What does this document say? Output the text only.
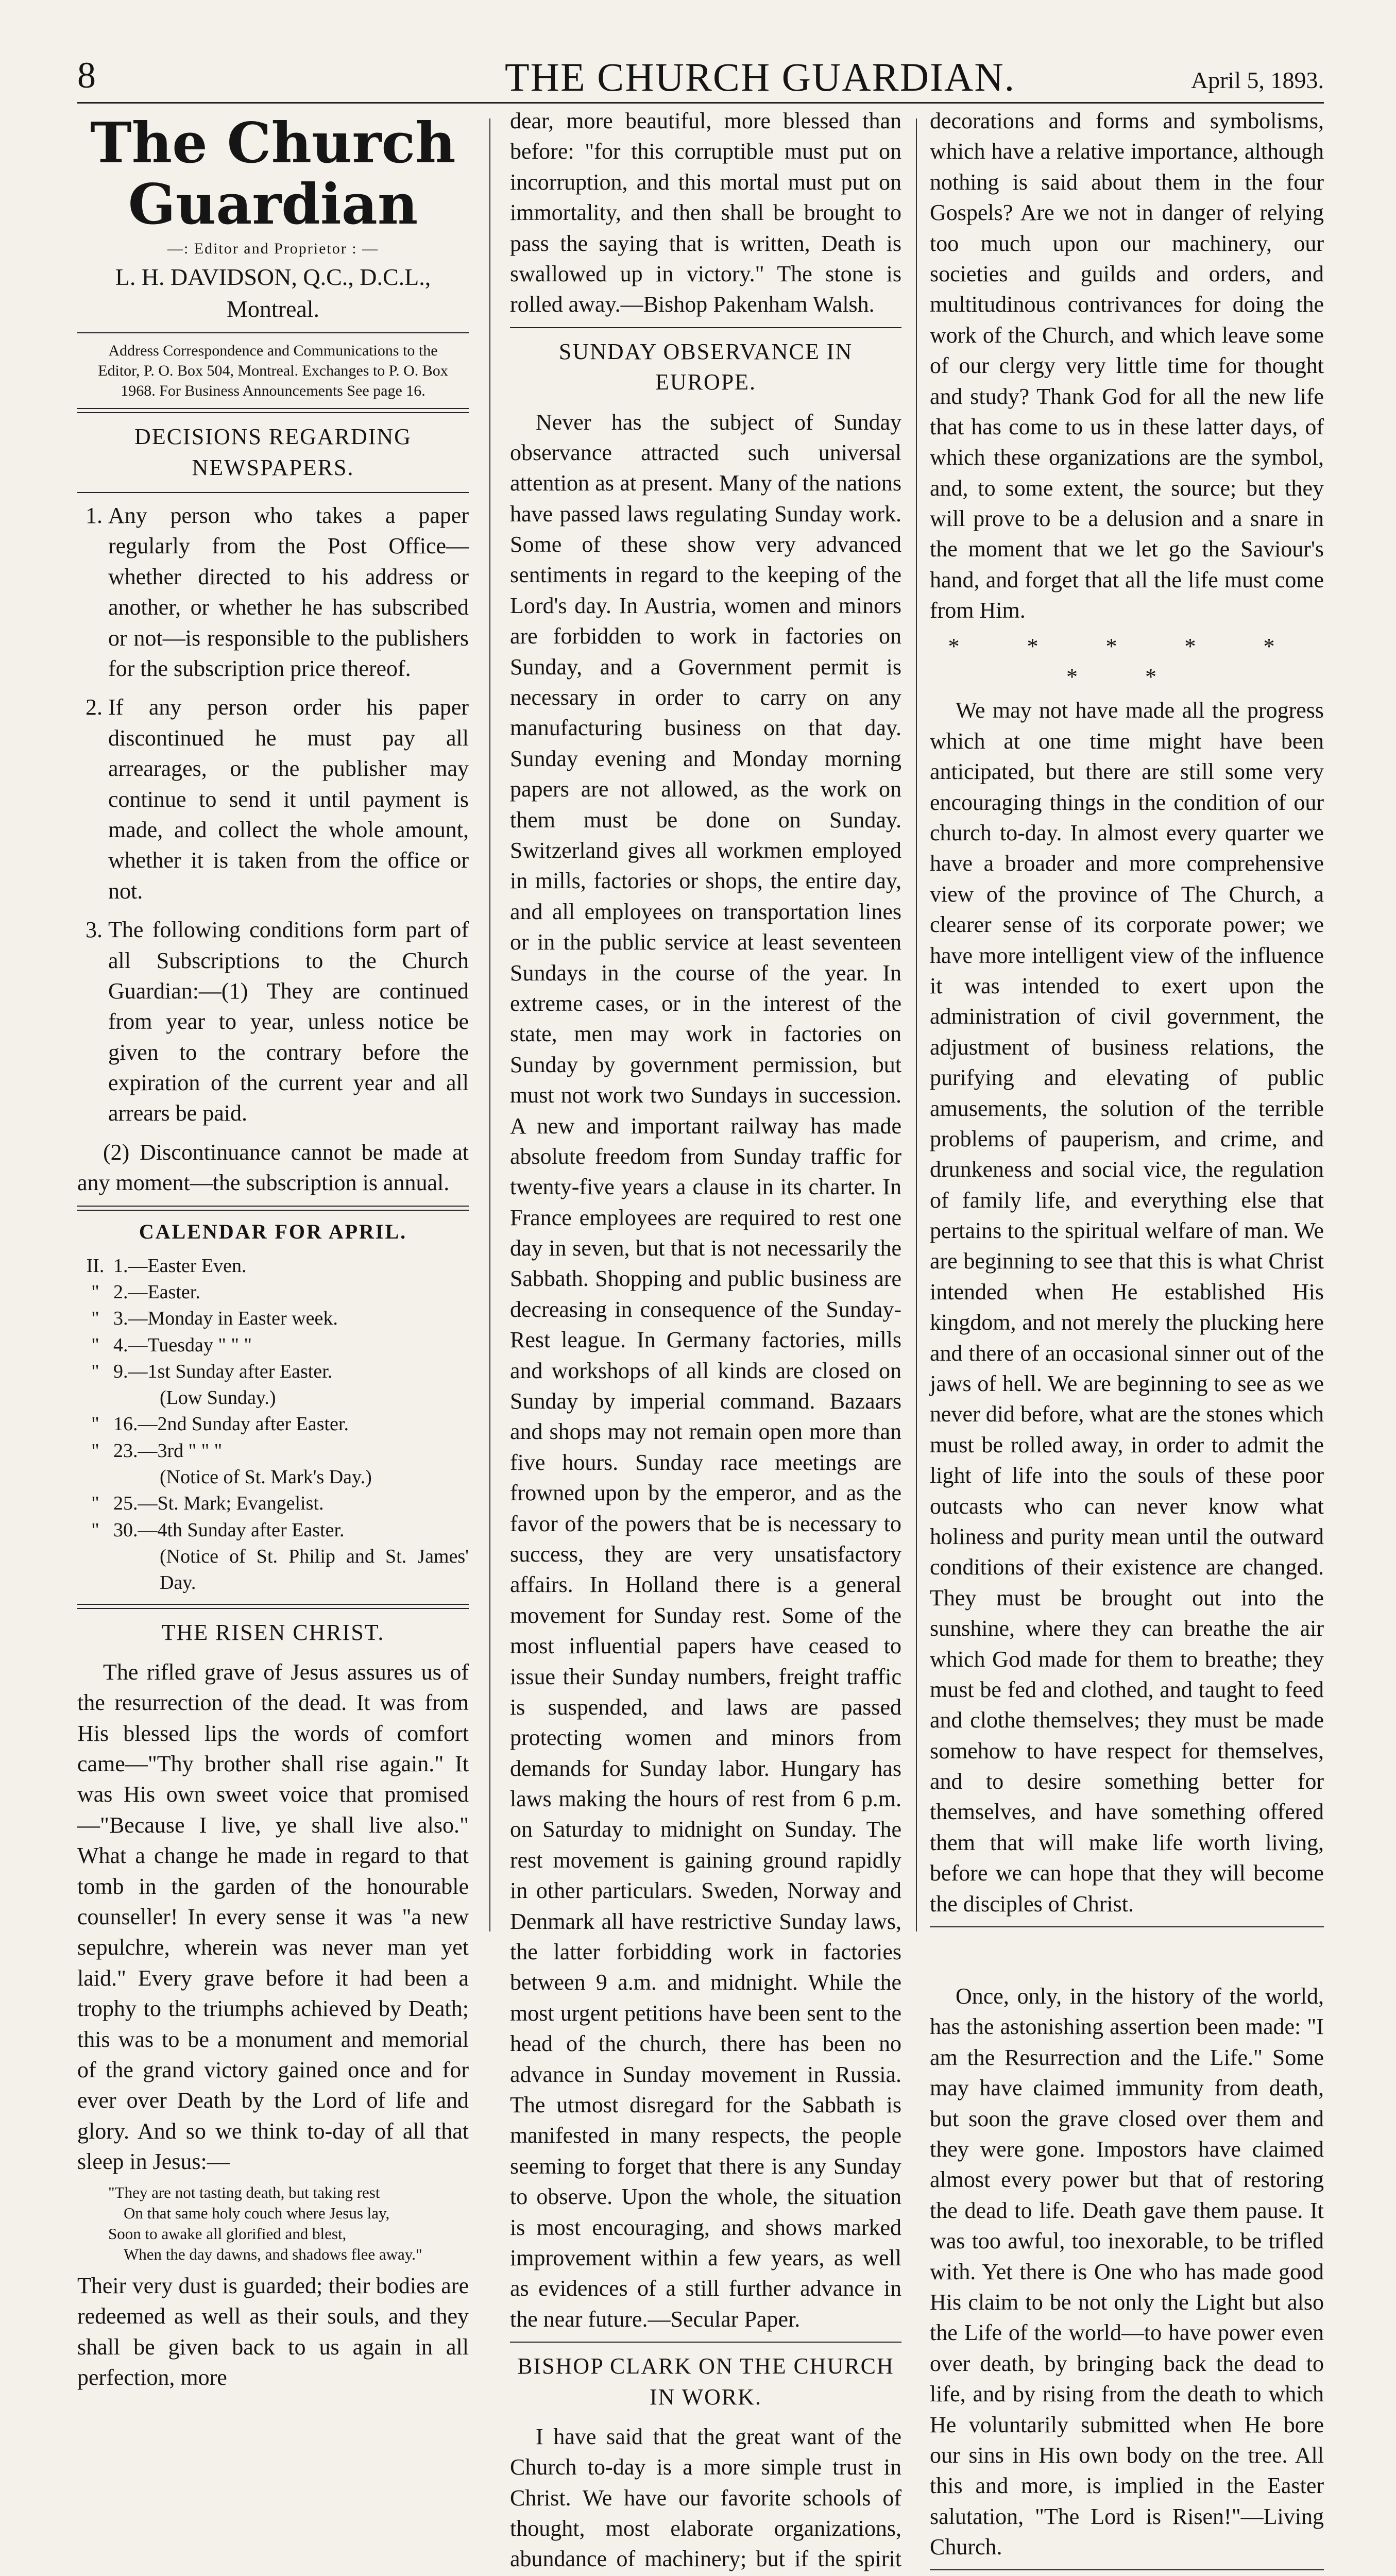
8	THE CHURCH GUARDIAN.	April 5, 1893.
The Church Guardian
—: Editor and Proprietor : —
L. H. DAVIDSON, Q.C., D.C.L., Montreal.
Address Correspondence and Communications to the Editor, P. O. Box 504, Montreal. Exchanges to P. O. Box 1968. For Business Announcements See page 16.
DECISIONS REGARDING NEWSPAPERS.
1. Any person who takes a paper regularly from the Post Office—whether directed to his address or another, or whether he has subscribed or not—is responsible to the publishers for the subscription price thereof.
2. If any person order his paper discontinued he must pay all arrearages, or the publisher may continue to send it until payment is made, and collect the whole amount, whether it is taken from the office or not.
3. The following conditions form part of all Subscriptions to the Church Guardian:—(1) They are continued from year to year, unless notice be given to the contrary before the expiration of the current year and all arrears be paid.

(2) Discontinuance cannot be made at any moment—the subscription is annual.

CALENDAR FOR APRIL.
II. 1.—Easter Even.
" 2.—Easter.
" 3.—Monday in Easter week.
" 4.—Tuesday " " "
" 9.—1st Sunday after Easter.
(Low Sunday.)
" 16.—2nd Sunday after Easter.
" 23.—3rd " " "
(Notice of St. Mark's Day.)
" 25.—St. Mark; Evangelist.
" 30.—4th Sunday after Easter.
(Notice of St. Philip and St. James' Day.
THE RISEN CHRIST.

The rifled grave of Jesus assures us of the resurrection of the dead. It was from His blessed lips the words of comfort came—"Thy brother shall rise again." It was His own sweet voice that promised—"Because I live, ye shall live also." What a change he made in regard to that tomb in the garden of the honourable counseller! In every sense it was "a new sepulchre, wherein was never man yet laid." Every grave before it had been a trophy to the triumphs achieved by Death; this was to be a monument and memorial of the grand victory gained once and for ever over Death by the Lord of life and glory. And so we think to-day of all that sleep in Jesus:—

"They are not tasting death, but taking rest
On that same holy couch where Jesus lay,
Soon to awake all glorified and blest,
When the day dawns, and shadows flee away."

Their very dust is guarded; their bodies are redeemed as well as their souls, and they shall be given back to us again in all perfection, more

dear, more beautiful, more blessed than before: "for this corruptible must put on incorruption, and this mortal must put on immortality, and then shall be brought to pass the saying that is written, Death is swallowed up in victory." The stone is rolled away.—Bishop Pakenham Walsh.

SUNDAY OBSERVANCE IN EUROPE.

Never has the subject of Sunday observance attracted such universal attention as at present. Many of the nations have passed laws regulating Sunday work. Some of these show very advanced sentiments in regard to the keeping of the Lord's day. In Austria, women and minors are forbidden to work in factories on Sunday, and a Government permit is necessary in order to carry on any manufacturing business on that day. Sunday evening and Monday morning papers are not allowed, as the work on them must be done on Sunday. Switzerland gives all workmen employed in mills, factories or shops, the entire day, and all employees on transportation lines or in the public service at least seventeen Sundays in the course of the year. In extreme cases, or in the interest of the state, men may work in factories on Sunday by government permission, but must not work two Sundays in succession. A new and important railway has made absolute freedom from Sunday traffic for twenty-five years a clause in its charter. In France employees are required to rest one day in seven, but that is not necessarily the Sabbath. Shopping and public business are decreasing in consequence of the Sunday-Rest league. In Germany factories, mills and workshops of all kinds are closed on Sunday by imperial command. Bazaars and shops may not remain open more than five hours. Sunday race meetings are frowned upon by the emperor, and as the favor of the powers that be is necessary to success, they are very unsatisfactory affairs. In Holland there is a general movement for Sunday rest. Some of the most influential papers have ceased to issue their Sunday numbers, freight traffic is suspended, and laws are passed protecting women and minors from demands for Sunday labor. Hungary has laws making the hours of rest from 6 p.m. on Saturday to midnight on Sunday. The rest movement is gaining ground rapidly in other particulars. Sweden, Norway and Denmark all have restrictive Sunday laws, the latter forbidding work in factories between 9 a.m. and midnight. While the most urgent petitions have been sent to the head of the church, there has been no advance in Sunday movement in Russia. The utmost disregard for the Sabbath is manifested in many respects, the people seeming to forget that there is any Sunday to observe. Upon the whole, the situation is most encouraging, and shows marked improvement within a few years, as well as evidences of a still further advance in the near future.—Secular Paper.

BISHOP CLARK ON THE CHURCH IN WORK.

I have said that the great want of the Church to-day is a more simple trust in Christ. We have our favorite schools of thought, most elaborate organizations, abundance of machinery; but if the spirit

decorations and forms and symbolisms, which have a relative importance, although nothing is said about them in the four Gospels? Are we not in danger of relying too much upon our machinery, our societies and guilds and orders, and multitudinous contrivances for doing the work of the Church, and which leave some of our clergy very little time for thought and study? Thank God for all the new life that has come to us in these latter days, of which these organizations are the symbol, and, to some extent, the source; but they will prove to be a delusion and a snare in the moment that we let go the Saviour's hand, and forget that all the life must come from Him.

* * * * * * *

We may not have made all the progress which at one time might have been anticipated, but there are still some very encouraging things in the condition of our church to-day. In almost every quarter we have a broader and more comprehensive view of the province of The Church, a clearer sense of its corporate power; we have more intelligent view of the influence it was intended to exert upon the administration of civil government, the adjustment of business relations, the purifying and elevating of public amusements, the solution of the terrible problems of pauperism, and crime, and drunkeness and social vice, the regulation of family life, and everything else that pertains to the spiritual welfare of man. We are beginning to see that this is what Christ intended when He established His kingdom, and not merely the plucking here and there of an occasional sinner out of the jaws of hell. We are beginning to see as we never did before, what are the stones which must be rolled away, in order to admit the light of life into the souls of these poor outcasts who can never know what holiness and purity mean until the outward conditions of their existence are changed. They must be brought out into the sunshine, where they can breathe the air which God made for them to breathe; they must be fed and clothed, and taught to feed and clothe themselves; they must be made somehow to have respect for themselves, and to desire something better for themselves, and have something offered them that will make life worth living, before we can hope that they will become the disciples of Christ.

Once, only, in the history of the world, has the astonishing assertion been made: "I am the Resurrection and the Life." Some may have claimed immunity from death, but soon the grave closed over them and they were gone. Impostors have claimed almost every power but that of restoring the dead to life. Death gave them pause. It was too awful, too inexorable, to be trifled with. Yet there is One who has made good His claim to be not only the Light but also the Life of the world—to have power even over death, by bringing back the dead to life, and by rising from the death to which He voluntarily submitted when He bore our sins in His own body on the tree. All this and more, is implied in the Easter salutation, "The Lord is Risen!"—Living Church.
